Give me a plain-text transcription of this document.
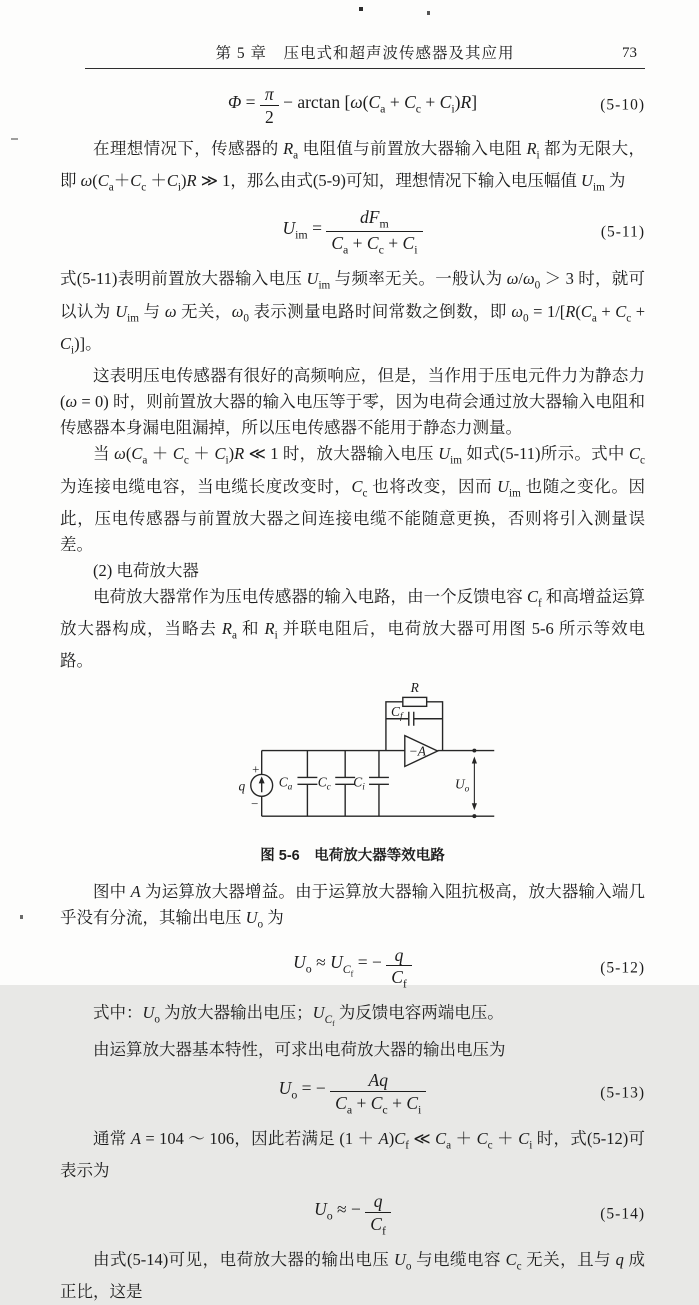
第 5 章　压电式和超声波传感器及其应用	73
$\Phi = \frac{\pi}{2} - \arctan [\omega(C_a + C_c + C_i)R]$	(5-10)

在理想情况下，传感器的 $R_a$ 电阻值与前置放大器输入电阻 $R_i$ 都为无限大，即 $\omega(C_a+C_c +C_i)R$ ≫ 1，那么由式(5-9)可知，理想情况下输入电压幅值 $U_{im}$ 为

$U_{im} = \frac{dF_m}{C_a + C_c + C_i}$	(5-11)

式(5-11)表明前置放大器输入电压 $U_{im}$ 与频率无关。一般认为 $\omega/\omega_0 > 3$ 时，就可以认为 $U_{im}$ 与 ω 无关，$\omega_0$ 表示测量电路时间常数之倒数，即 $\omega_0 = 1/[R(C_a + C_c + C_i)]$。

这表明压电传感器有很好的高频响应，但是，当作用于压电元件力为静态力 (ω = 0) 时，则前置放大器的输入电压等于零，因为电荷会通过放大器输入电阻和传感器本身漏电阻漏掉，所以压电传感器不能用于静态力测量。

当 $\omega(C_a + C_c + C_i)R$ ≪ 1 时，放大器输入电压 $U_{im}$ 如式(5-11)所示。式中 $C_c$ 为连接电缆电容，当电缆长度改变时，$C_c$ 也将改变，因而 $U_{im}$ 也随之变化。因此，压电传感器与前置放大器之间连接电缆不能随意更换，否则将引入测量误差。

(2) 电荷放大器

电荷放大器常作为压电传感器的输入电路，由一个反馈电容 $C_f$ 和高增益运算放大器构成，当略去 $R_a$ 和 $R_i$ 并联电阻后，电荷放大器可用图 5-6 所示等效电路。

+
−
q $C_a$ $C_c$ $C_i$
R
$C_f$
−A
$U_o$
图 5-6　电荷放大器等效电路

图中 A 为运算放大器增益。由于运算放大器输入阻抗极高，放大器输入端几乎没有分流，其输出电压 $U_o$ 为

$U_o \approx U_{C_f}$ = − $\frac{q}{C_f}$	(5-12)

式中：$U_o$ 为放大器输出电压；$U_{C_f}$ 为反馈电容两端电压。

由运算放大器基本特性，可求出电荷放大器的输出电压为

$U_o$ = − $\frac{Aq}{C_a + C_c + C_i}$	(5-13)

通常 A = 104 ～ 106，因此若满足 $(1 + A)C_f$ ≪ $C_a + C_c + C_i$ 时，式(5-12)可表示为

$U_o$ ≈ − $\frac{q}{C_f}$	(5-14)

由式(5-14)可见，电荷放大器的输出电压 $U_o$ 与电缆电容 $C_c$ 无关，且与 q 成正比，这是
